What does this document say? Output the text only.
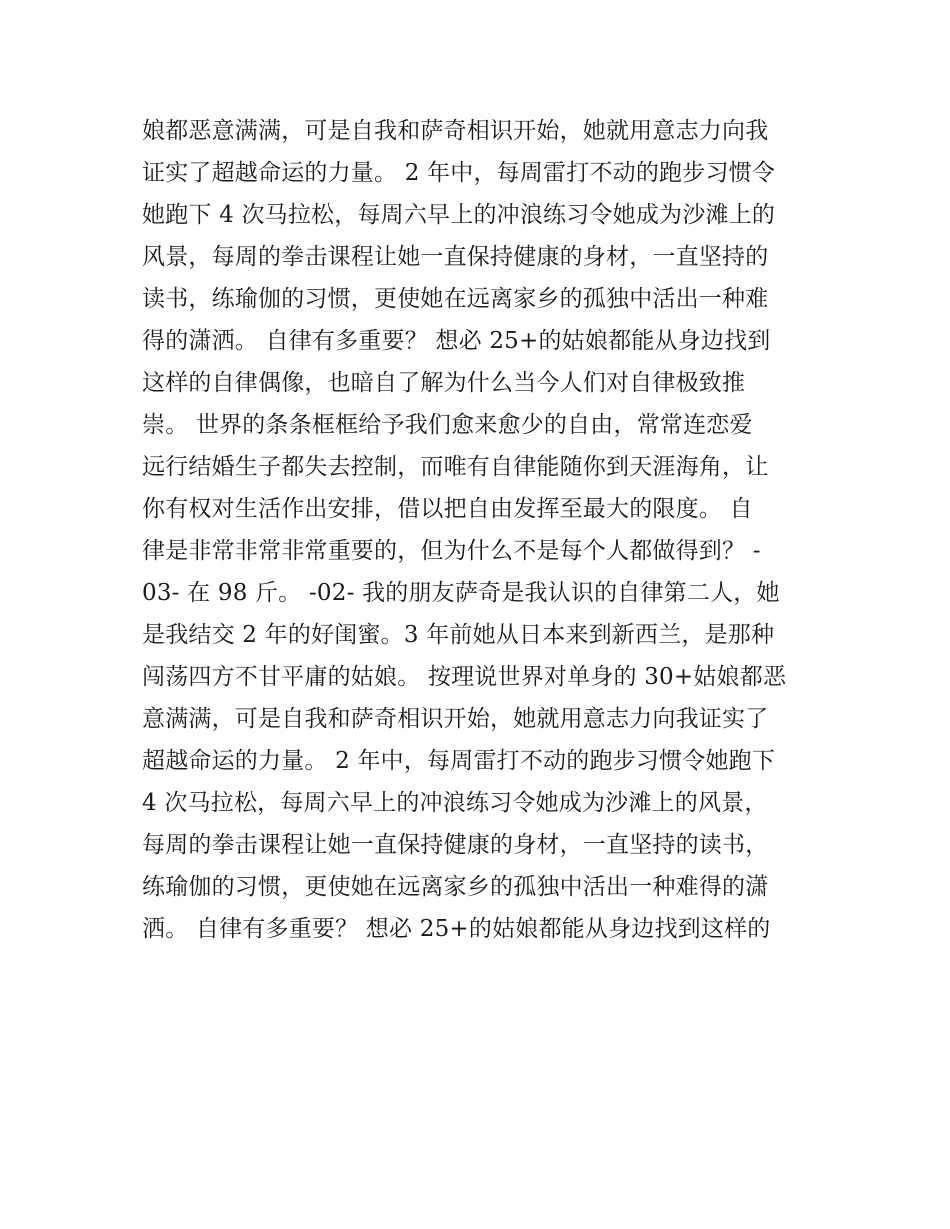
娘都恶意满满，可是自我和萨奇相识开始，她就用意志力向我
证实了超越命运的力量。 2 年中，每周雷打不动的跑步习惯令
她跑下 4 次马拉松，每周六早上的冲浪练习令她成为沙滩上的
风景，每周的拳击课程让她一直保持健康的身材，一直坚持的
读书，练瑜伽的习惯，更使她在远离家乡的孤独中活出一种难
得的潇洒。 自律有多重要？ 想必 25+的姑娘都能从身边找到
这样的自律偶像，也暗自了解为什么当今人们对自律极致推
崇。 世界的条条框框给予我们愈来愈少的自由，常常连恋爱
远行结婚生子都失去控制，而唯有自律能随你到天涯海角，让
你有权对生活作出安排，借以把自由发挥至最大的限度。 自
律是非常非常非常重要的，但为什么不是每个人都做得到？ -
03- 在 98 斤。 -02- 我的朋友萨奇是我认识的自律第二人，她
是我结交 2 年的好闺蜜。3 年前她从日本来到新西兰，是那种
闯荡四方不甘平庸的姑娘。 按理说世界对单身的 30+姑娘都恶
意满满，可是自我和萨奇相识开始，她就用意志力向我证实了
超越命运的力量。 2 年中，每周雷打不动的跑步习惯令她跑下
4 次马拉松，每周六早上的冲浪练习令她成为沙滩上的风景，
每周的拳击课程让她一直保持健康的身材，一直坚持的读书，
练瑜伽的习惯，更使她在远离家乡的孤独中活出一种难得的潇
洒。 自律有多重要？ 想必 25+的姑娘都能从身边找到这样的
